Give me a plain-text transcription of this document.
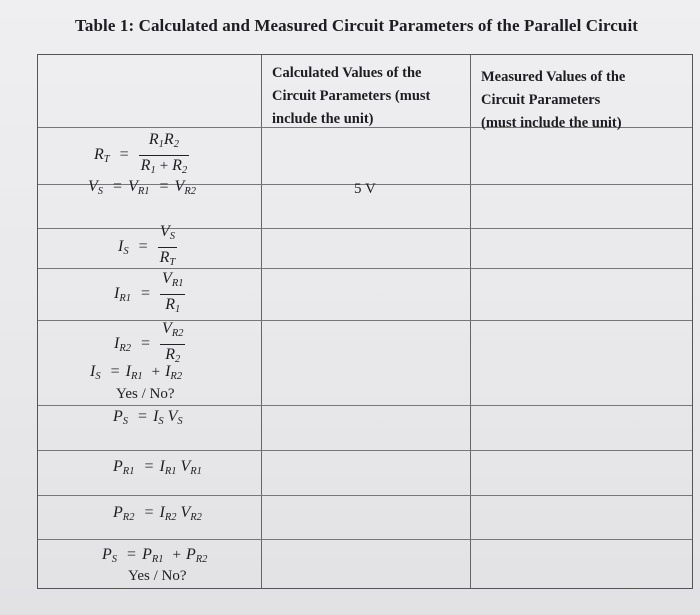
Table 1: Calculated and Measured Circuit Parameters of the Parallel Circuit
Calculated Values of the
Circuit Parameters (must
include the unit)
Measured Values of the
Circuit Parameters
(must include the unit)
$R_T = \frac{R_1R_2}{R_1 + R_2}$
$V_S = V_{R1} = V_{R2}$	5 V
$I_S = \frac{V_S}{R_T}$
$I_{R1} = \frac{V_{R1}}{R_1}$
$I_{R2} = \frac{V_{R2}}{R_2}$
$I_S = I_{R1} + I_{R2}$
Yes / No?
$P_S = I_S$ $V_S$
$P_{R1} = I_{R1}$ $V_{R1}$
$P_{R2} = I_{R2}$ $V_{R2}$
$P_S = P_{R1} + P_{R2}$
Yes / No?
